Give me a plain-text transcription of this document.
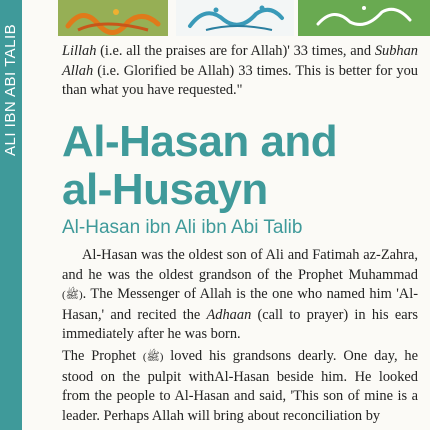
ALI IBN ABI TALIB	Lillah (i.e. all the praises are for Allah)' 33 times, and Subhan Allah (i.e. Glorified be Allah) 33 times. This is better for you than what you have requested."

Al-Hasan and
al-Husayn
Al-Hasan ibn Ali ibn Abi Talib

Al-Hasan was the oldest son of Ali and Fatimah az-Zahra, and he was the oldest grandson of the Prophet Muhammad (ﷺ). The Messenger of Allah is the one who named him 'Al-Hasan,' and recited the Adhaan (call to prayer) in his ears immediately after he was born.

The Prophet (ﷺ) loved his grandsons dearly. One day, he stood on the pulpit withAl-Hasan beside him. He looked from the people to Al-Hasan and said, 'This son of mine is a leader. Perhaps Allah will bring about reconciliation by
